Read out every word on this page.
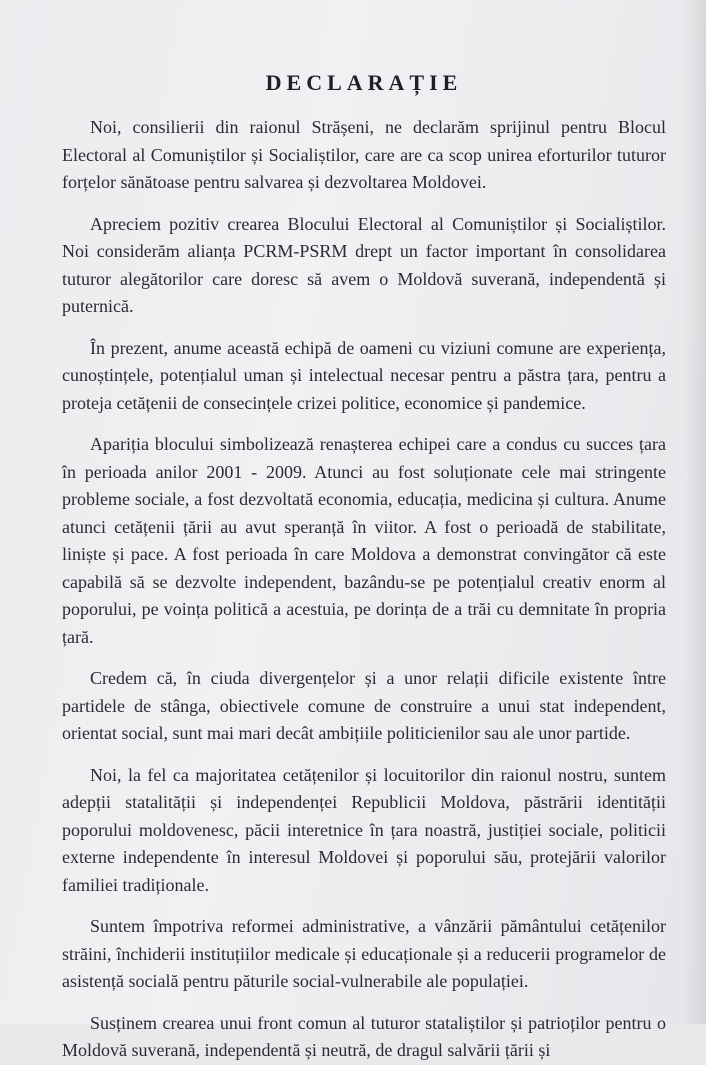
DECLARAȚIE

Noi, consilierii din raionul Strășeni, ne declarăm sprijinul pentru Blocul Electoral al Comuniștilor și Socialiștilor, care are ca scop unirea eforturilor tuturor forțelor sănătoase pentru salvarea și dezvoltarea Moldovei.

Apreciem pozitiv crearea Blocului Electoral al Comuniștilor și Socialiștilor. Noi considerăm alianța PCRM-PSRM drept un factor important în consolidarea tuturor alegătorilor care doresc să avem o Moldovă suverană, independentă și puternică.

În prezent, anume această echipă de oameni cu viziuni comune are experiența, cunoștințele, potențialul uman și intelectual necesar pentru a păstra țara, pentru a proteja cetățenii de consecințele crizei politice, economice și pandemice.

Apariția blocului simbolizează renașterea echipei care a condus cu succes țara în perioada anilor 2001 - 2009. Atunci au fost soluționate cele mai stringente probleme sociale, a fost dezvoltată economia, educația, medicina și cultura. Anume atunci cetățenii țării au avut speranță în viitor. A fost o perioadă de stabilitate, liniște și pace. A fost perioada în care Moldova a demonstrat convingător că este capabilă să se dezvolte independent, bazându-se pe potențialul creativ enorm al poporului, pe voința politică a acestuia, pe dorința de a trăi cu demnitate în propria țară.

Credem că, în ciuda divergențelor și a unor relații dificile existente între partidele de stânga, obiectivele comune de construire a unui stat independent, orientat social, sunt mai mari decât ambițiile politicienilor sau ale unor partide.

Noi, la fel ca majoritatea cetățenilor și locuitorilor din raionul nostru, suntem adepții statalității și independenței Republicii Moldova, păstrării identității poporului moldovenesc, păcii interetnice în țara noastră, justiției sociale, politicii externe independente în interesul Moldovei și poporului său, protejării valorilor familiei tradiționale.

Suntem împotriva reformei administrative, a vânzării pământului cetățenilor străini, închiderii instituțiilor medicale și educaționale și a reducerii programelor de asistență socială pentru păturile social-vulnerabile ale populației.

Susținem crearea unui front comun al tuturor stataliștilor și patrioților pentru o Moldovă suverană, independentă și neutră, de dragul salvării țării și
